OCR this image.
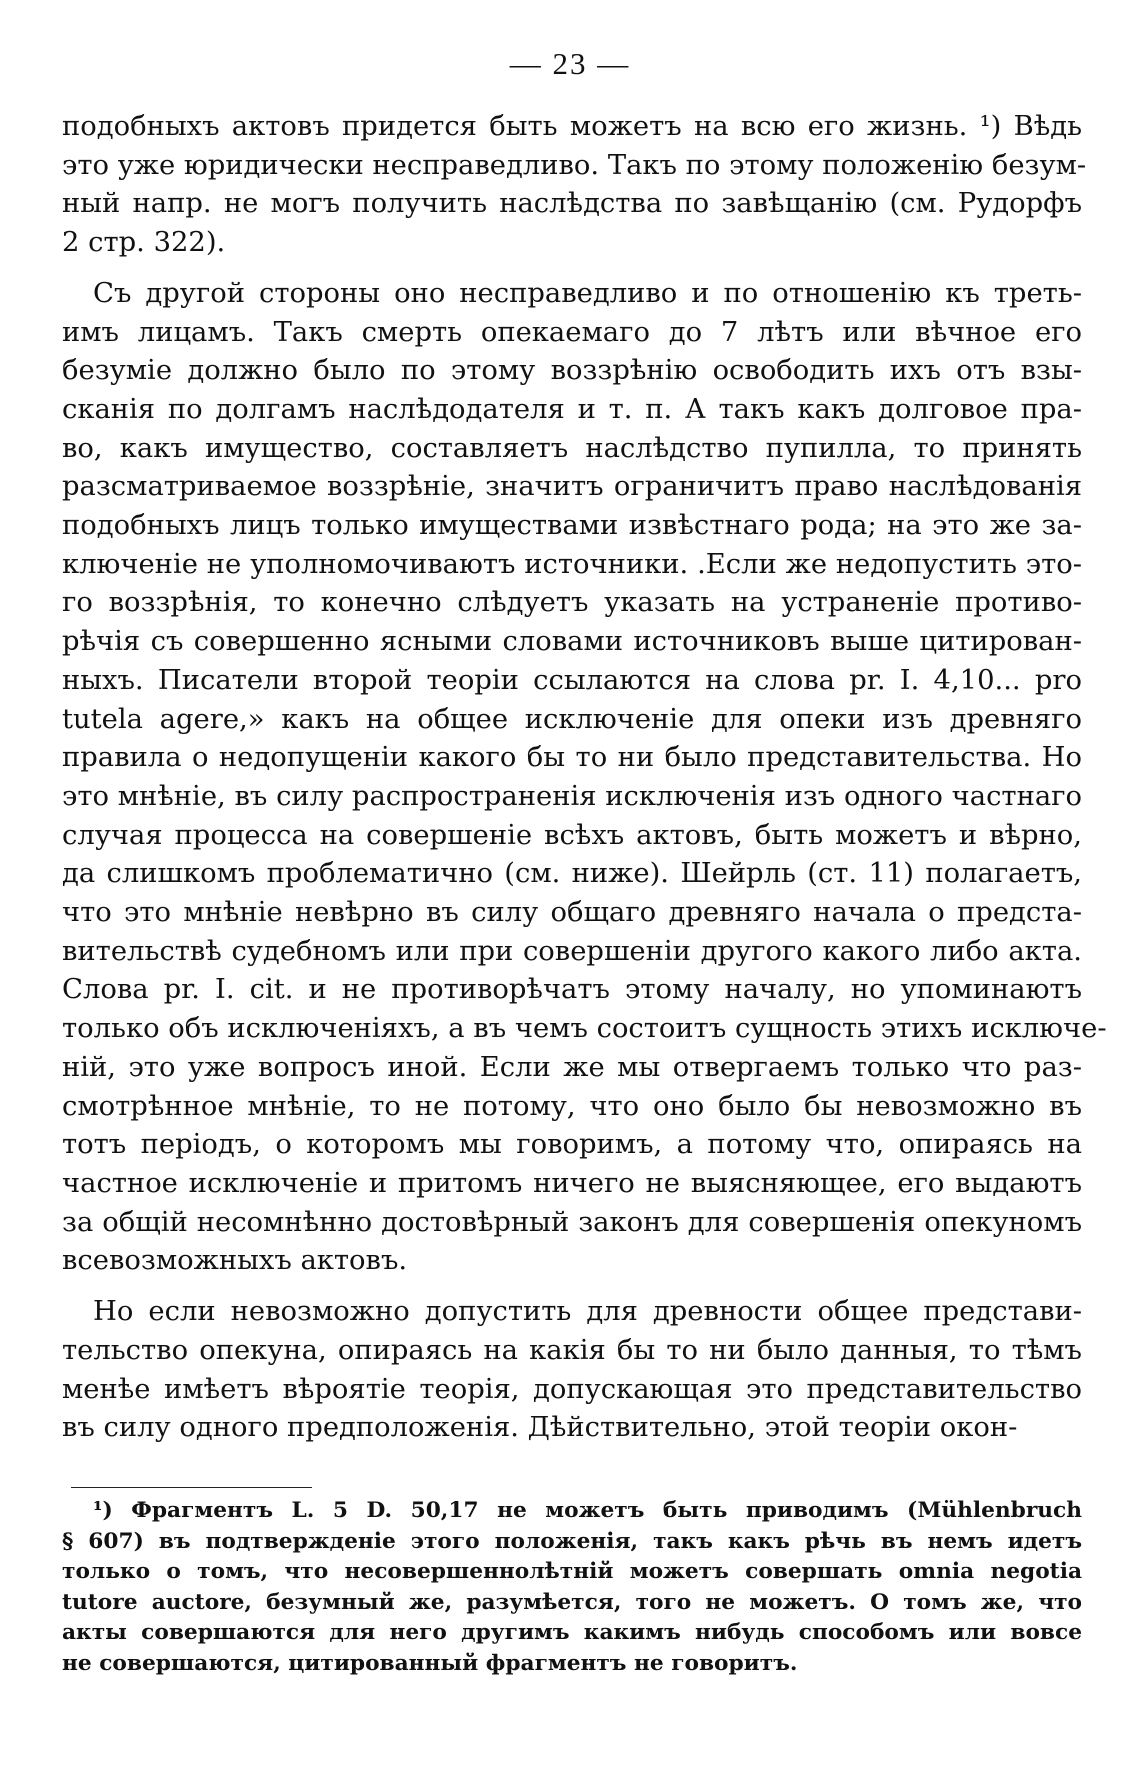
— 23 —
подобныхъ актовъ придется быть можетъ на всю его жизнь. ¹) Вѣдь
это уже юридически несправедливо. Такъ по этому положенію безум-
ный напр. не могъ получить наслѣдства по завѣщанію (см. Рудорфъ
2 стр. 322).
Съ другой стороны оно несправедливо и по отношенію къ треть-
имъ лицамъ. Такъ смерть опекаемаго до 7 лѣтъ или вѣчное его
безуміе должно было по этому воззрѣнію освободить ихъ отъ взы-
сканія по долгамъ наслѣдодателя и т. п. А такъ какъ долговое пра-
во, какъ имущество, составляетъ наслѣдство пупилла, то принять
разсматриваемое воззрѣніе, значитъ ограничитъ право наслѣдованія
подобныхъ лицъ только имуществами извѣстнаго рода; на это же за-
ключеніе не уполномочиваютъ источники. .Если же недопустить это-
го воззрѣнія, то конечно слѣдуетъ указать на устраненіе противо-
рѣчія съ совершенно ясными словами источниковъ выше цитирован-
ныхъ. Писатели второй теоріи ссылаются на слова pr. I. 4,10... pro
tutela agere,» какъ на общее исключеніе для опеки изъ древняго
правила о недопущеніи какого бы то ни было представительства. Но
это мнѣніе, въ силу распространенія исключенія изъ одного частнаго
случая процесса на совершеніе всѣхъ актовъ, быть можетъ и вѣрно,
да слишкомъ проблематично (см. ниже). Шейрль (ст. 11) полагаетъ,
что это мнѣніе невѣрно въ силу общаго древняго начала о предста-
вительствѣ судебномъ или при совершеніи другого какого либо акта.
Слова pr. I. cit. и не противорѣчатъ этому началу, но упоминаютъ
только объ исключеніяхъ, а въ чемъ состоитъ сущность этихъ исключе-
ній, это уже вопросъ иной. Если же мы отвергаемъ только что раз-
смотрѣнное мнѣніе, то не потому, что оно было бы невозможно въ
тотъ періодъ, о которомъ мы говоримъ, а потому что, опираясь на
частное исключеніе и притомъ ничего не выясняющее, его выдаютъ
за общій несомнѣнно достовѣрный законъ для совершенія опекуномъ
всевозможныхъ актовъ.
Но если невозможно допустить для древности общее представи-
тельство опекуна, опираясь на какія бы то ни было данныя, то тѣмъ
менѣе имѣетъ вѣроятіе теорія, допускающая это представительство
въ силу одного предположенія. Дѣйствительно, этой теоріи окон-
¹) Фрагментъ L. 5 D. 50,17 не можетъ быть приводимъ (Mühlenbruch
§ 607) въ подтвержденіе этого положенія, такъ какъ рѣчь въ немъ идетъ
только о томъ, что несовершеннолѣтній можетъ совершать omnia negotia
tutore auctore, безумный же, разумѣется, того не можетъ. О томъ же, что
акты совершаются для него другимъ какимъ нибудь способомъ или вовсе
не совершаются, цитированный фрагментъ не говоритъ.
